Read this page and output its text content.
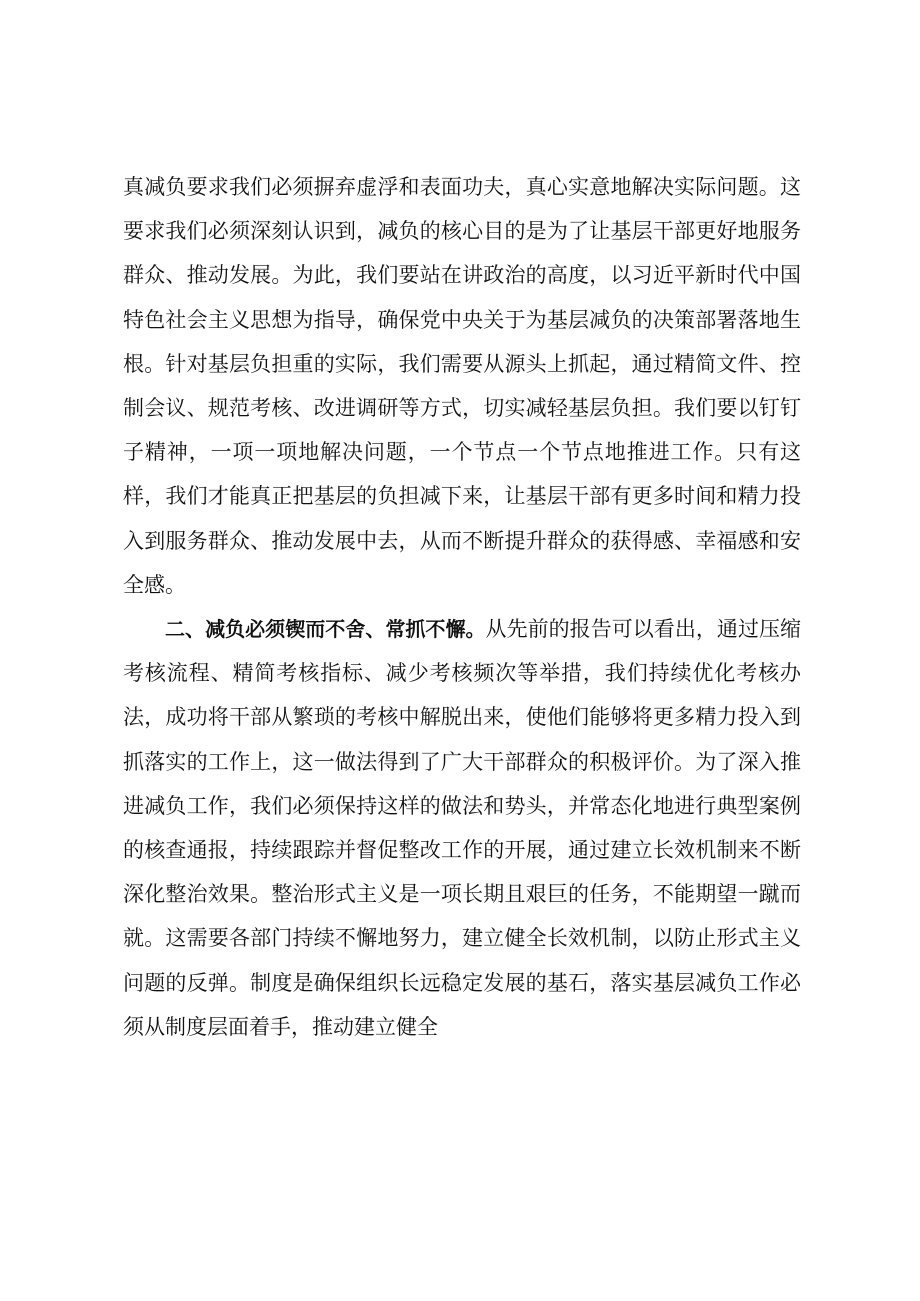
真减负要求我们必须摒弃虚浮和表面功夫，真心实意地解决实际问题。这要求我们必须深刻认识到，减负的核心目的是为了让基层干部更好地服务群众、推动发展。为此，我们要站在讲政治的高度，以习近平新时代中国特色社会主义思想为指导，确保党中央关于为基层减负的决策部署落地生根。针对基层负担重的实际，我们需要从源头上抓起，通过精简文件、控制会议、规范考核、改进调研等方式，切实减轻基层负担。我们要以钉钉子精神，一项一项地解决问题，一个节点一个节点地推进工作。只有这样，我们才能真正把基层的负担减下来，让基层干部有更多时间和精力投入到服务群众、推动发展中去，从而不断提升群众的获得感、幸福感和安全感。

二、减负必须锲而不舍、常抓不懈。从先前的报告可以看出，通过压缩考核流程、精简考核指标、减少考核频次等举措，我们持续优化考核办法，成功将干部从繁琐的考核中解脱出来，使他们能够将更多精力投入到抓落实的工作上，这一做法得到了广大干部群众的积极评价。为了深入推进减负工作，我们必须保持这样的做法和势头，并常态化地进行典型案例的核查通报，持续跟踪并督促整改工作的开展，通过建立长效机制来不断深化整治效果。整治形式主义是一项长期且艰巨的任务，不能期望一蹴而就。这需要各部门持续不懈地努力，建立健全长效机制，以防止形式主义问题的反弹。制度是确保组织长远稳定发展的基石，落实基层减负工作必须从制度层面着手，推动建立健全
